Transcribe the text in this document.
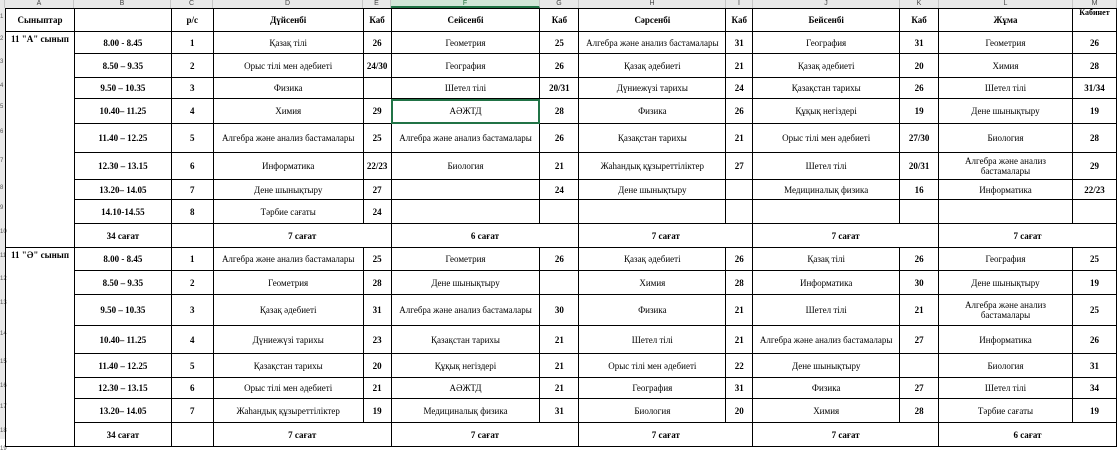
A	B	C	D	E	F	G	H	I	J	K	L	M
1
2
3
4
5
6
7
8
9
10
11
12
13
14
15
16
17
18
19
Сыныптар		р/с	Дүйсенбі	Каб	Сейсенбі	Каб	Сәрсенбі	Каб	Бейсенбі	Каб	Жұма	Кабинет
11 "А" сынып	8.00 - 8.45	1	Қазақ тілі	26	Геометрия	25	Алгебра және анализ бастамалары	31	География	31	Геометрия	26
	8.50 – 9.35	2	Орыс тілі мен әдебиеті	24/30	География	26	Қазақ әдебиеті	21	Қазақ әдебиеті	20	Химия	28
	9.50 – 10.35	3	Физика		Шетел тілі	20/31	Дүниежүзі тарихы	24	Қазақстан тарихы	26	Шетел тілі	31/34
	10.40– 11.25	4	Химия	29	АӘЖТД	28	Физика	26	Құқық негіздері	19	Дене шынықтыру	19
	11.40 – 12.25	5	Алгебра және анализ бастамалары	25	Алгебра және анализ бастамалары	26	Қазақстан тарихы	21	Орыс тілі мен әдебиеті	27/30	Биология	28
	12.30 – 13.15	6	Информатика	22/23	Биология	21	Жаһандық құзыреттіліктер	27	Шетел тілі	20/31	Алгебра және анализ бастамалары	29
	13.20– 14.05	7	Дене шынықтыру	27		24	Дене шынықтыру		Медициналық физика	16	Информатика	22/23
	14.10-14.55	8	Тәрбие сағаты	24								
	34 сағат		7 сағат		6 сағат		7 сағат		7 сағат		7 сағат	
11 "Ә" сынып	8.00 - 8.45	1	Алгебра және анализ бастамалары	25	Геометрия	26	Қазақ әдебиеті	26	Қазақ тілі	26	География	25
	8.50 – 9.35	2	Геометрия	28	Дене шынықтыру		Химия	28	Информатика	30	Дене шынықтыру	19
	9.50 – 10.35	3	Қазақ әдебиеті	31	Алгебра және анализ бастамалары	30	Физика	21	Шетел тілі	21	Алгебра және анализ бастамалары	25
	10.40– 11.25	4	Дүниежүзі тарихы	23	Қазақстан тарихы	21	Шетел тілі	21	Алгебра және анализ бастамалары	27	Информатика	26
	11.40 – 12.25	5	Қазақстан тарихы	20	Құқық негіздері	21	Орыс тілі мен әдебиеті	22	Дене шынықтыру		Биология	31
	12.30 – 13.15	6	Орыс тілі мен әдебиеті	21	АӘЖТД	21	География	31	Физика	27	Шетел тілі	34
	13.20– 14.05	7	Жаһандық құзыреттіліктер	19	Медициналық физика	31	Биология	20	Химия	28	Тәрбие сағаты	19
	34 сағат		7 сағат		7 сағат		7 сағат		7 сағат		6 сағат	
